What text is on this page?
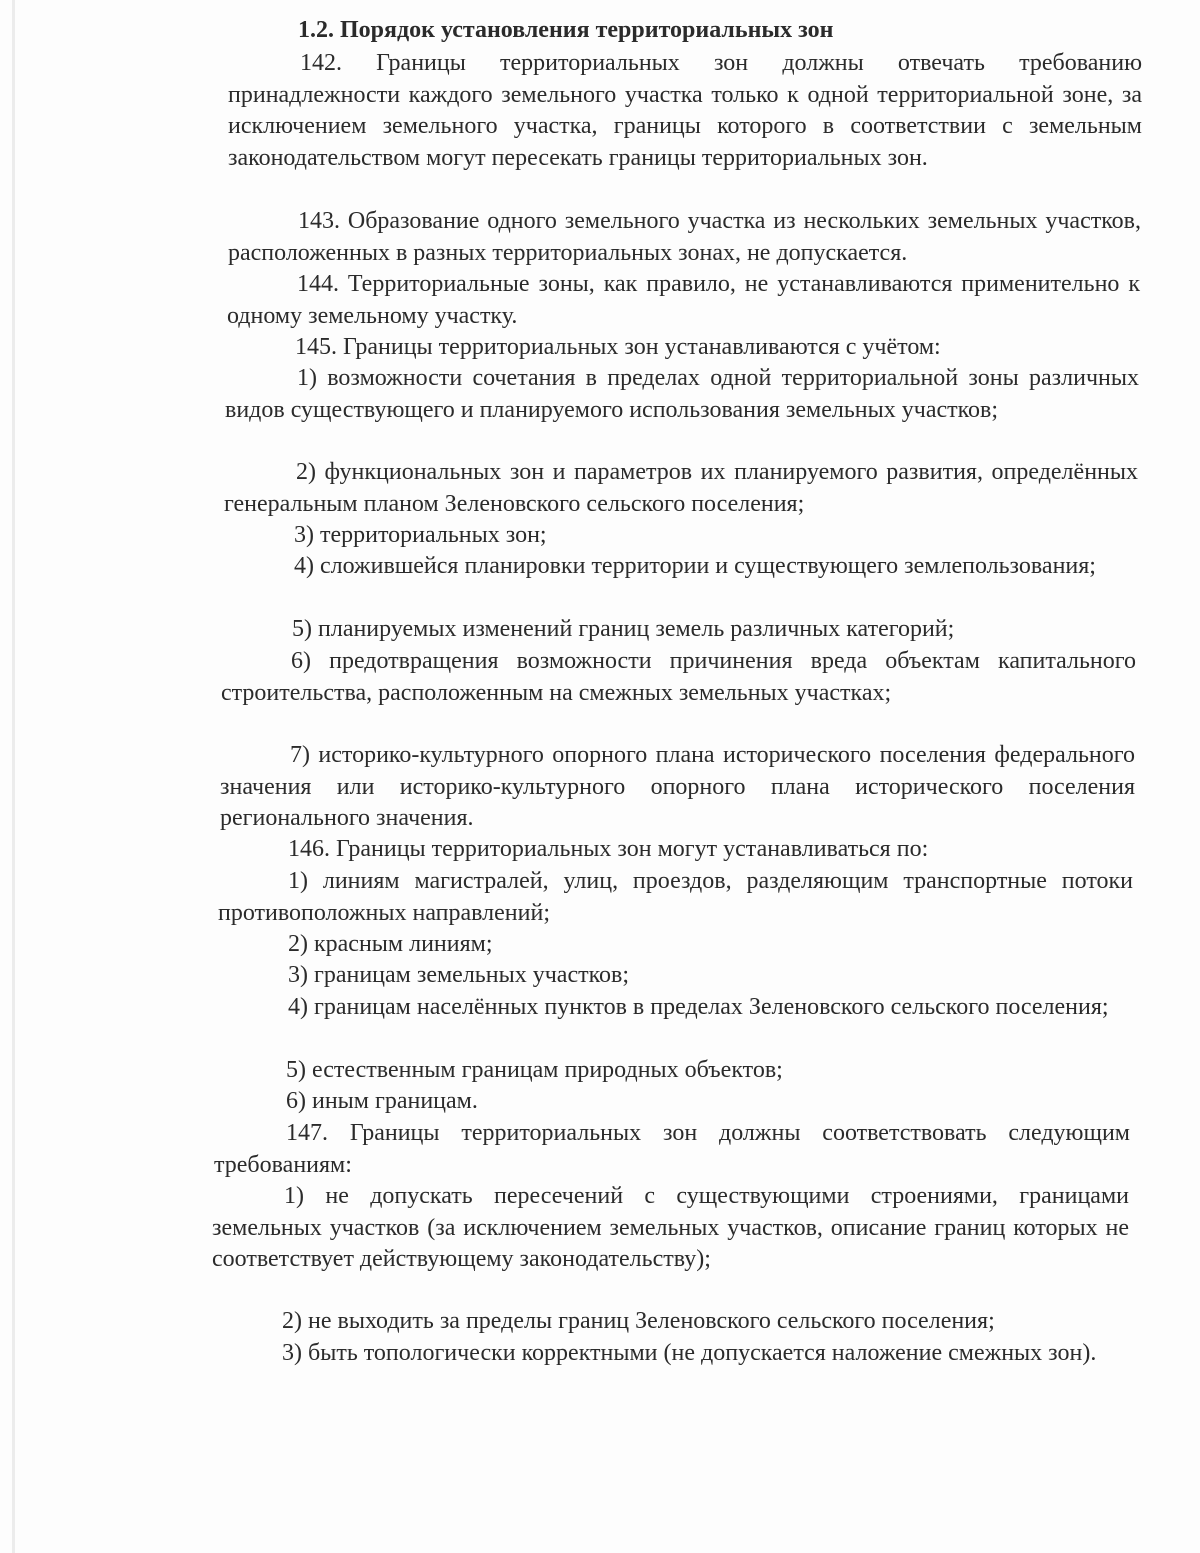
1.2. Порядок установления территориальных зон
142. Границы территориальных зон должны отвечать требованию принадлежности каждого земельного участка только к одной территориальной зоне, за исключением земельного участка, границы которого в соответствии с земельным законодательством могут пересекать границы территориальных зон.
143. Образование одного земельного участка из нескольких земельных участков, расположенных в разных территориальных зонах, не допускается.
144. Территориальные зоны, как правило, не устанавливаются применительно к одному земельному участку.
145. Границы территориальных зон устанавливаются с учётом:
1) возможности сочетания в пределах одной территориальной зоны различных видов существующего и планируемого использования земельных участков;
2) функциональных зон и параметров их планируемого развития, определённых генеральным планом Зеленовского сельского поселения;
3) территориальных зон;
4) сложившейся планировки территории и существующего землепользования;
5) планируемых изменений границ земель различных категорий;
6) предотвращения возможности причинения вреда объектам капитального строительства, расположенным на смежных земельных участках;
7) историко-культурного опорного плана исторического поселения федерального значения или историко-культурного опорного плана исторического поселения регионального значения.
146. Границы территориальных зон могут устанавливаться по:
1) линиям магистралей, улиц, проездов, разделяющим транспортные потоки противоположных направлений;
2) красным линиям;
3) границам земельных участков;
4) границам населённых пунктов в пределах Зеленовского сельского поселения;
5) естественным границам природных объектов;
6) иным границам.
147. Границы территориальных зон должны соответствовать следующим требованиям:
1) не допускать пересечений с существующими строениями, границами земельных участков (за исключением земельных участков, описание границ которых не соответствует действующему законодательству);
2) не выходить за пределы границ Зеленовского сельского поселения;
3) быть топологически корректными (не допускается наложение смежных зон).
